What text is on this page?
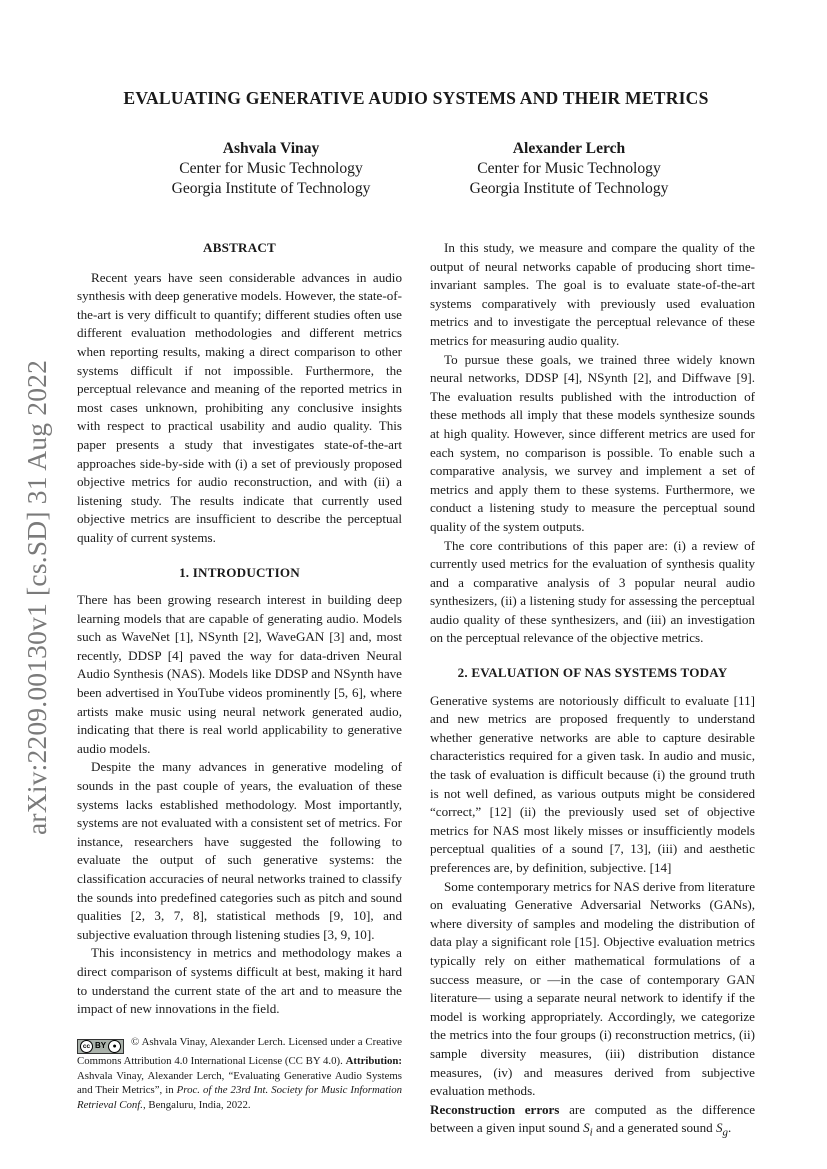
arXiv:2209.00130v1 [cs.SD] 31 Aug 2022
EVALUATING GENERATIVE AUDIO SYSTEMS AND THEIR METRICS
Ashvala Vinay
Center for Music Technology
Georgia Institute of Technology
Alexander Lerch
Center for Music Technology
Georgia Institute of Technology
ABSTRACT

Recent years have seen considerable advances in audio synthesis with deep generative models. However, the state-of-the-art is very difficult to quantify; different studies often use different evaluation methodologies and different metrics when reporting results, making a direct comparison to other systems difficult if not impossible. Furthermore, the perceptual relevance and meaning of the reported metrics in most cases unknown, prohibiting any conclusive insights with respect to practical usability and audio quality. This paper presents a study that investigates state-of-the-art approaches side-by-side with (i) a set of previously proposed objective metrics for audio reconstruction, and with (ii) a listening study. The results indicate that currently used objective metrics are insufficient to describe the perceptual quality of current systems.

1. INTRODUCTION

There has been growing research interest in building deep learning models that are capable of generating audio. Models such as WaveNet [1], NSynth [2], WaveGAN [3] and, most recently, DDSP [4] paved the way for data-driven Neural Audio Synthesis (NAS). Models like DDSP and NSynth have been advertised in YouTube videos prominently [5, 6], where artists make music using neural network generated audio, indicating that there is real world applicability to generative audio models.

Despite the many advances in generative modeling of sounds in the past couple of years, the evaluation of these systems lacks established methodology. Most importantly, systems are not evaluated with a consistent set of metrics. For instance, researchers have suggested the following to evaluate the output of such generative systems: the classification accuracies of neural networks trained to classify the sounds into predefined categories such as pitch and sound qualities [2, 3, 7, 8], statistical methods [9, 10], and subjective evaluation through listening studies [3, 9, 10].

This inconsistency in metrics and methodology makes a direct comparison of systems difficult at best, making it hard to understand the current state of the art and to measure the impact of new innovations in the field.

cc BY ●	© Ashvala Vinay, Alexander Lerch. Licensed under a Creative Commons Attribution 4.0 International License (CC BY 4.0). Attribution: Ashvala Vinay, Alexander Lerch, “Evaluating Generative Audio Systems and Their Metrics”, in Proc. of the 23rd Int. Society for Music Information Retrieval Conf., Bengaluru, India, 2022.

In this study, we measure and compare the quality of the output of neural networks capable of producing short time-invariant samples. The goal is to evaluate state-of-the-art systems comparatively with previously used evaluation metrics and to investigate the perceptual relevance of these metrics for measuring audio quality.

To pursue these goals, we trained three widely known neural networks, DDSP [4], NSynth [2], and Diffwave [9]. The evaluation results published with the introduction of these methods all imply that these models synthesize sounds at high quality. However, since different metrics are used for each system, no comparison is possible. To enable such a comparative analysis, we survey and implement a set of metrics and apply them to these systems. Furthermore, we conduct a listening study to measure the perceptual sound quality of the system outputs.

The core contributions of this paper are: (i) a review of currently used metrics for the evaluation of synthesis quality and a comparative analysis of 3 popular neural audio synthesizers, (ii) a listening study for assessing the perceptual audio quality of these synthesizers, and (iii) an investigation on the perceptual relevance of the objective metrics.

2. EVALUATION OF NAS SYSTEMS TODAY

Generative systems are notoriously difficult to evaluate [11] and new metrics are proposed frequently to understand whether generative networks are able to capture desirable characteristics required for a given task. In audio and music, the task of evaluation is difficult because (i) the ground truth is not well defined, as various outputs might be considered “correct,” [12] (ii) the previously used set of objective metrics for NAS most likely misses or insufficiently models perceptual qualities of a sound [7, 13], (iii) and aesthetic preferences are, by definition, subjective. [14]

Some contemporary metrics for NAS derive from literature on evaluating Generative Adversarial Networks (GANs), where diversity of samples and modeling the distribution of data play a significant role [15]. Objective evaluation metrics typically rely on either mathematical formulations of a success measure, or —in the case of contemporary GAN literature— using a separate neural network to identify if the model is working appropriately. Accordingly, we categorize the metrics into the four groups (i) reconstruction metrics, (ii) sample diversity measures, (iii) distribution distance measures, (iv) and measures derived from subjective evaluation methods.

Reconstruction errors are computed as the difference between a given input sound $S_i$ and a generated sound $S_g$.
